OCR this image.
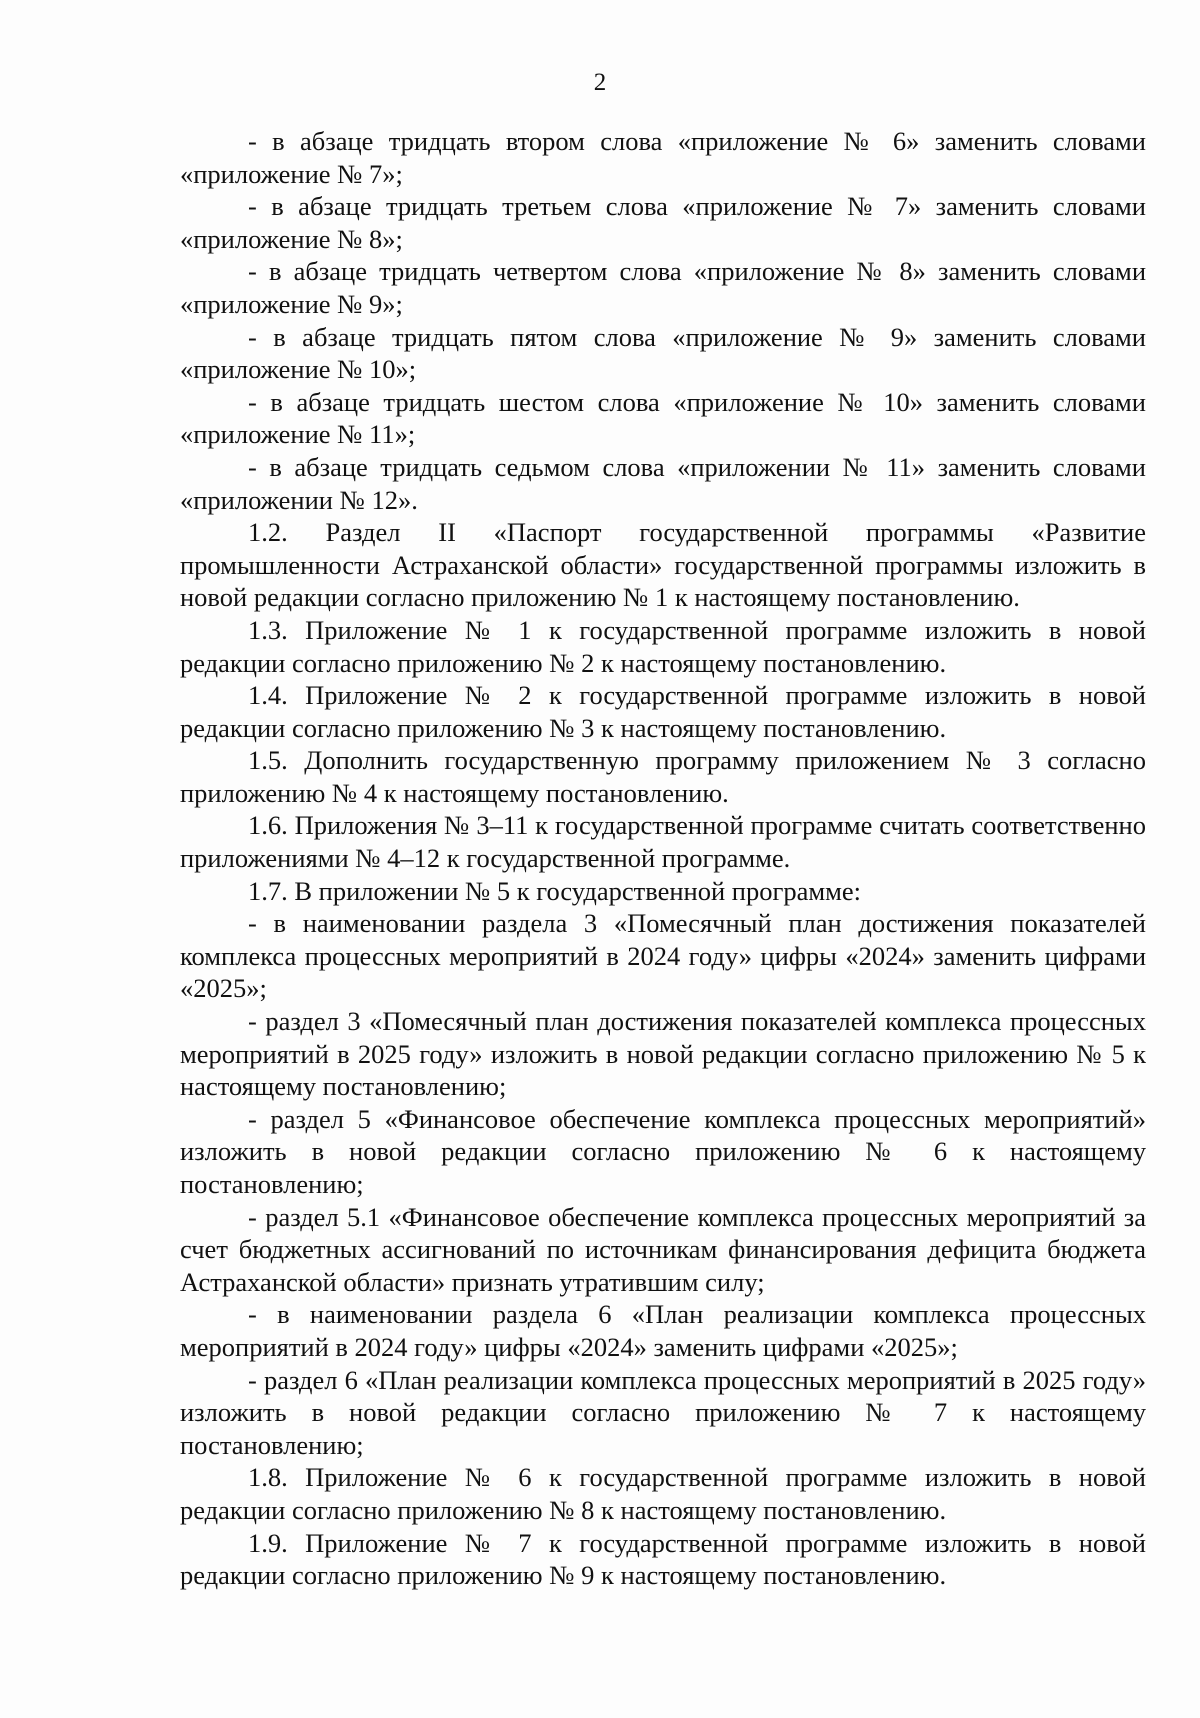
2

- в абзаце тридцать втором слова «приложение № 6» заменить словами «приложение № 7»;

- в абзаце тридцать третьем слова «приложение № 7» заменить словами «приложение № 8»;

- в абзаце тридцать четвертом слова «приложение № 8» заменить словами «приложение № 9»;

- в абзаце тридцать пятом слова «приложение № 9» заменить словами «приложение № 10»;

- в абзаце тридцать шестом слова «приложение № 10» заменить словами «приложение № 11»;

- в абзаце тридцать седьмом слова «приложении № 11» заменить словами «приложении № 12».

1.2. Раздел II «Паспорт государственной программы «Развитие промышленности Астраханской области» государственной программы изложить в новой редакции согласно приложению № 1 к настоящему постановлению.

1.3. Приложение № 1 к государственной программе изложить в новой редакции согласно приложению № 2 к настоящему постановлению.

1.4. Приложение № 2 к государственной программе изложить в новой редакции согласно приложению № 3 к настоящему постановлению.

1.5. Дополнить государственную программу приложением № 3 согласно приложению № 4 к настоящему постановлению.

1.6. Приложения № 3–11 к государственной программе считать соответственно приложениями № 4–12 к государственной программе.

1.7. В приложении № 5 к государственной программе:

- в наименовании раздела 3 «Помесячный план достижения показателей комплекса процессных мероприятий в 2024 году» цифры «2024» заменить цифрами «2025»;

- раздел 3 «Помесячный план достижения показателей комплекса процессных мероприятий в 2025 году» изложить в новой редакции согласно приложению № 5 к настоящему постановлению;

- раздел 5 «Финансовое обеспечение комплекса процессных мероприятий» изложить в новой редакции согласно приложению № 6 к настоящему постановлению;

- раздел 5.1 «Финансовое обеспечение комплекса процессных мероприятий за счет бюджетных ассигнований по источникам финансирования дефицита бюджета Астраханской области» признать утратившим силу;

- в наименовании раздела 6 «План реализации комплекса процессных мероприятий в 2024 году» цифры «2024» заменить цифрами «2025»;

- раздел 6 «План реализации комплекса процессных мероприятий в 2025 году» изложить в новой редакции согласно приложению № 7 к настоящему постановлению;

1.8. Приложение № 6 к государственной программе изложить в новой редакции согласно приложению № 8 к настоящему постановлению.

1.9. Приложение № 7 к государственной программе изложить в новой редакции согласно приложению № 9 к настоящему постановлению.
